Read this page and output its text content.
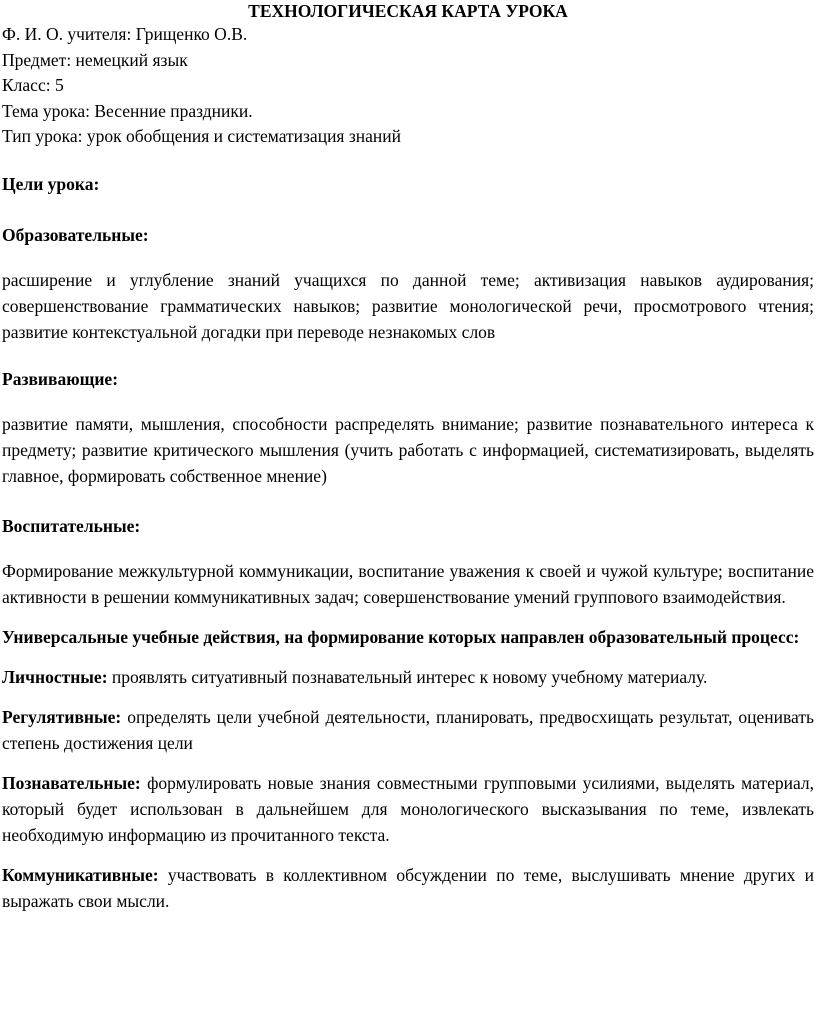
ТЕХНОЛОГИЧЕСКАЯ КАРТА УРОКА

Ф. И. О. учителя: Грищенко О.В.

Предмет: немецкий язык

Класс: 5

Тема урока: Весенние праздники.

Тип урока: урок обобщения и систематизация знаний

Цели урока:

Образовательные:

расширение и углубление знаний учащихся по данной теме; активизация навыков аудирования; совершенствование грамматических навыков; развитие монологической речи, просмотрового чтения; развитие контекстуальной догадки при переводе незнакомых слов

Развивающие:

развитие памяти, мышления, способности распределять внимание; развитие познавательного интереса к предмету; развитие критического мышления (учить работать с информацией, систематизировать, выделять главное, формировать собственное мнение)

Воспитательные:

Формирование межкультурной коммуникации, воспитание уважения к своей и чужой культуре; воспитание активности в решении коммуникативных задач; совершенствование умений группового взаимодействия.

Универсальные учебные действия, на формирование которых направлен образовательный процесс:

Личностные: проявлять ситуативный познавательный интерес к новому учебному материалу.

Регулятивные: определять цели учебной деятельности, планировать, предвосхищать результат, оценивать степень достижения цели

Познавательные: формулировать новые знания совместными групповыми усилиями, выделять материал, который будет использован в дальнейшем для монологического высказывания по теме, извлекать необходимую информацию из прочитанного текста.

Коммуникативные: участвовать в коллективном обсуждении по теме, выслушивать мнение других и выражать свои мысли.
